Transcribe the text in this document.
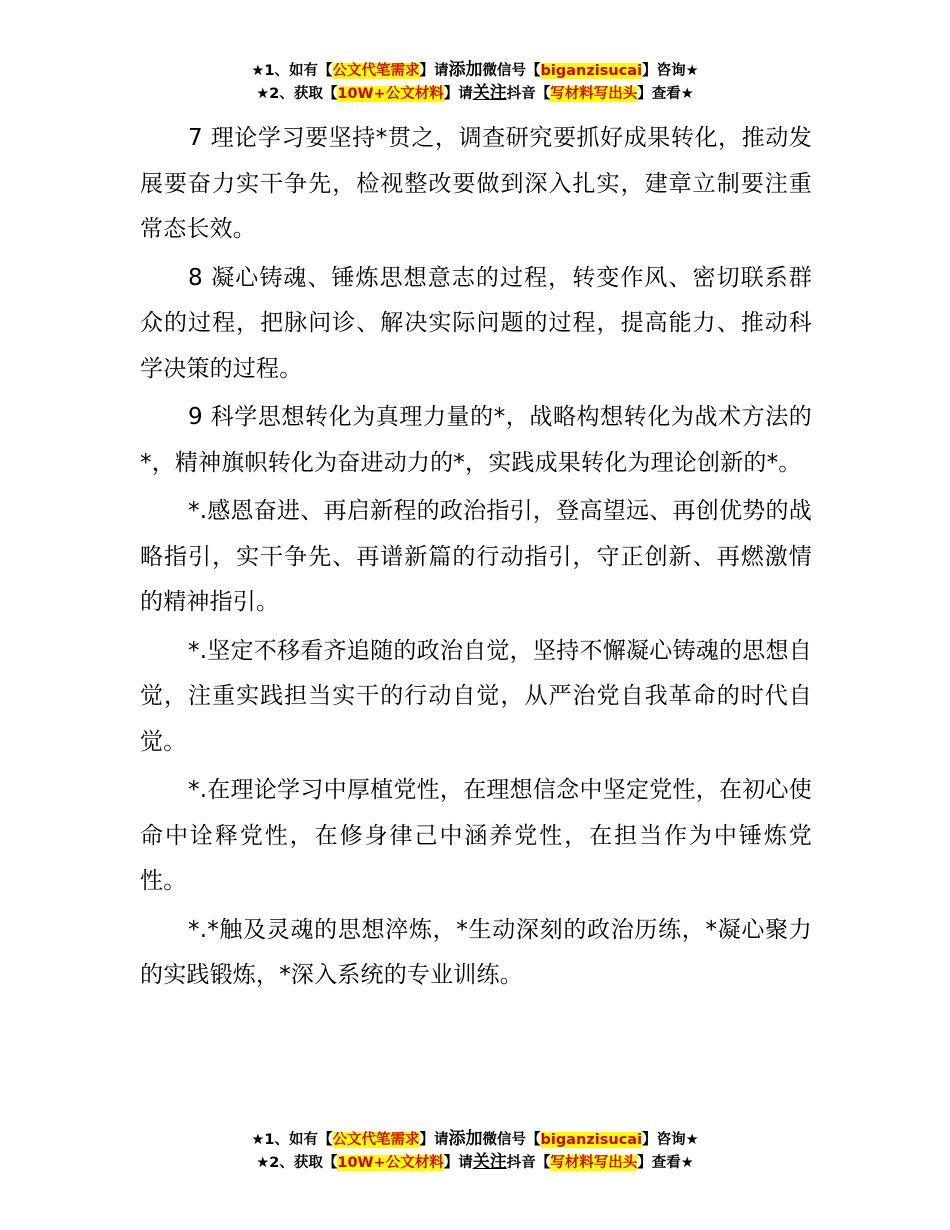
★1、如有【公文代笔需求】请添加微信号【biganzisucai】咨询★
★2、获取【10W+公文材料】请关注抖音【写材料写出头】查看★

7 理论学习要坚持*贯之，调查研究要抓好成果转化，推动发展要奋力实干争先，检视整改要做到深入扎实，建章立制要注重常态长效。

8 凝心铸魂、锤炼思想意志的过程，转变作风、密切联系群众的过程，把脉问诊、解决实际问题的过程，提高能力、推动科学决策的过程。

9 科学思想转化为真理力量的*，战略构想转化为战术方法的*，精神旗帜转化为奋进动力的*，实践成果转化为理论创新的*。

*.感恩奋进、再启新程的政治指引，登高望远、再创优势的战略指引，实干争先、再谱新篇的行动指引，守正创新、再燃激情的精神指引。

*.坚定不移看齐追随的政治自觉，坚持不懈凝心铸魂的思想自觉，注重实践担当实干的行动自觉，从严治党自我革命的时代自觉。

*.在理论学习中厚植党性，在理想信念中坚定党性，在初心使命中诠释党性，在修身律己中涵养党性，在担当作为中锤炼党性。

*.*触及灵魂的思想淬炼，*生动深刻的政治历练，*凝心聚力的实践锻炼，*深入系统的专业训练。

★1、如有【公文代笔需求】请添加微信号【biganzisucai】咨询★
★2、获取【10W+公文材料】请关注抖音【写材料写出头】查看★
